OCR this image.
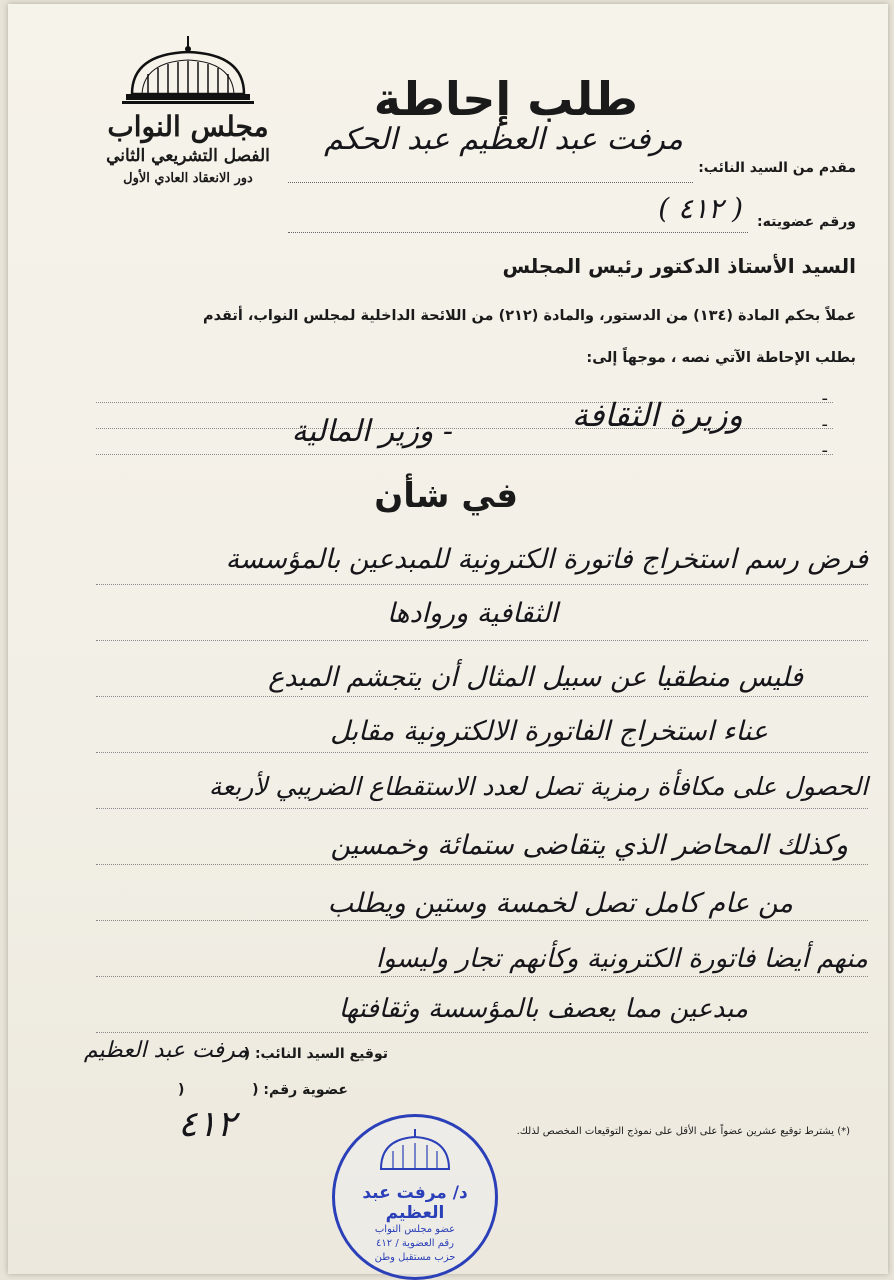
مجلس النواب
الفصل التشريعي الثاني
دور الانعقاد العادي الأول
طلب إحاطة
مقدم من السيد النائب:
مرفت عبد العظيم عبد الحكم
ورقم عضويته:
( ٤١٢ )
السيد الأستاذ الدكتور رئيس المجلس
عملاً بحكم المادة (١٣٤) من الدستور، والمادة (٢١٢) من اللائحة الداخلية لمجلس النواب، أتقدم
بطلب الإحاطة الآتي نصه ، موجهاً إلى:
-
-
-
وزيرة الثقافة
- وزير المالية
في شأن
فرض رسم استخراج فاتورة الكترونية للمبدعين بالمؤسسة
الثقافية وروادها
فليس منطقيا عن سبيل المثال أن يتجشم المبدع
عناء استخراج الفاتورة الالكترونية مقابل
الحصول على مكافأة رمزية تصل لعدد الاستقطاع الضريبي لأربعة
وكذلك المحاضر الذي يتقاضى ستمائة وخمسين
من عام كامل تصل لخمسة وستين ويطلب
منهم أيضا فاتورة الكترونية وكأنهم تجار وليسوا
مبدعين مما يعصف بالمؤسسة وثقافتها
توقيع السيد النائب: (
مرفت عبد العظيم
عضوية رقم: (
)
٤١٢	(*) يشترط توقيع عشرين عضواً على الأقل على نموذج التوقيعات المخصص لذلك.
د/ مرفت عبد العظيم
عضو مجلس النواب
رقم العضوية / ٤١٢
حزب مستقبل وطن
